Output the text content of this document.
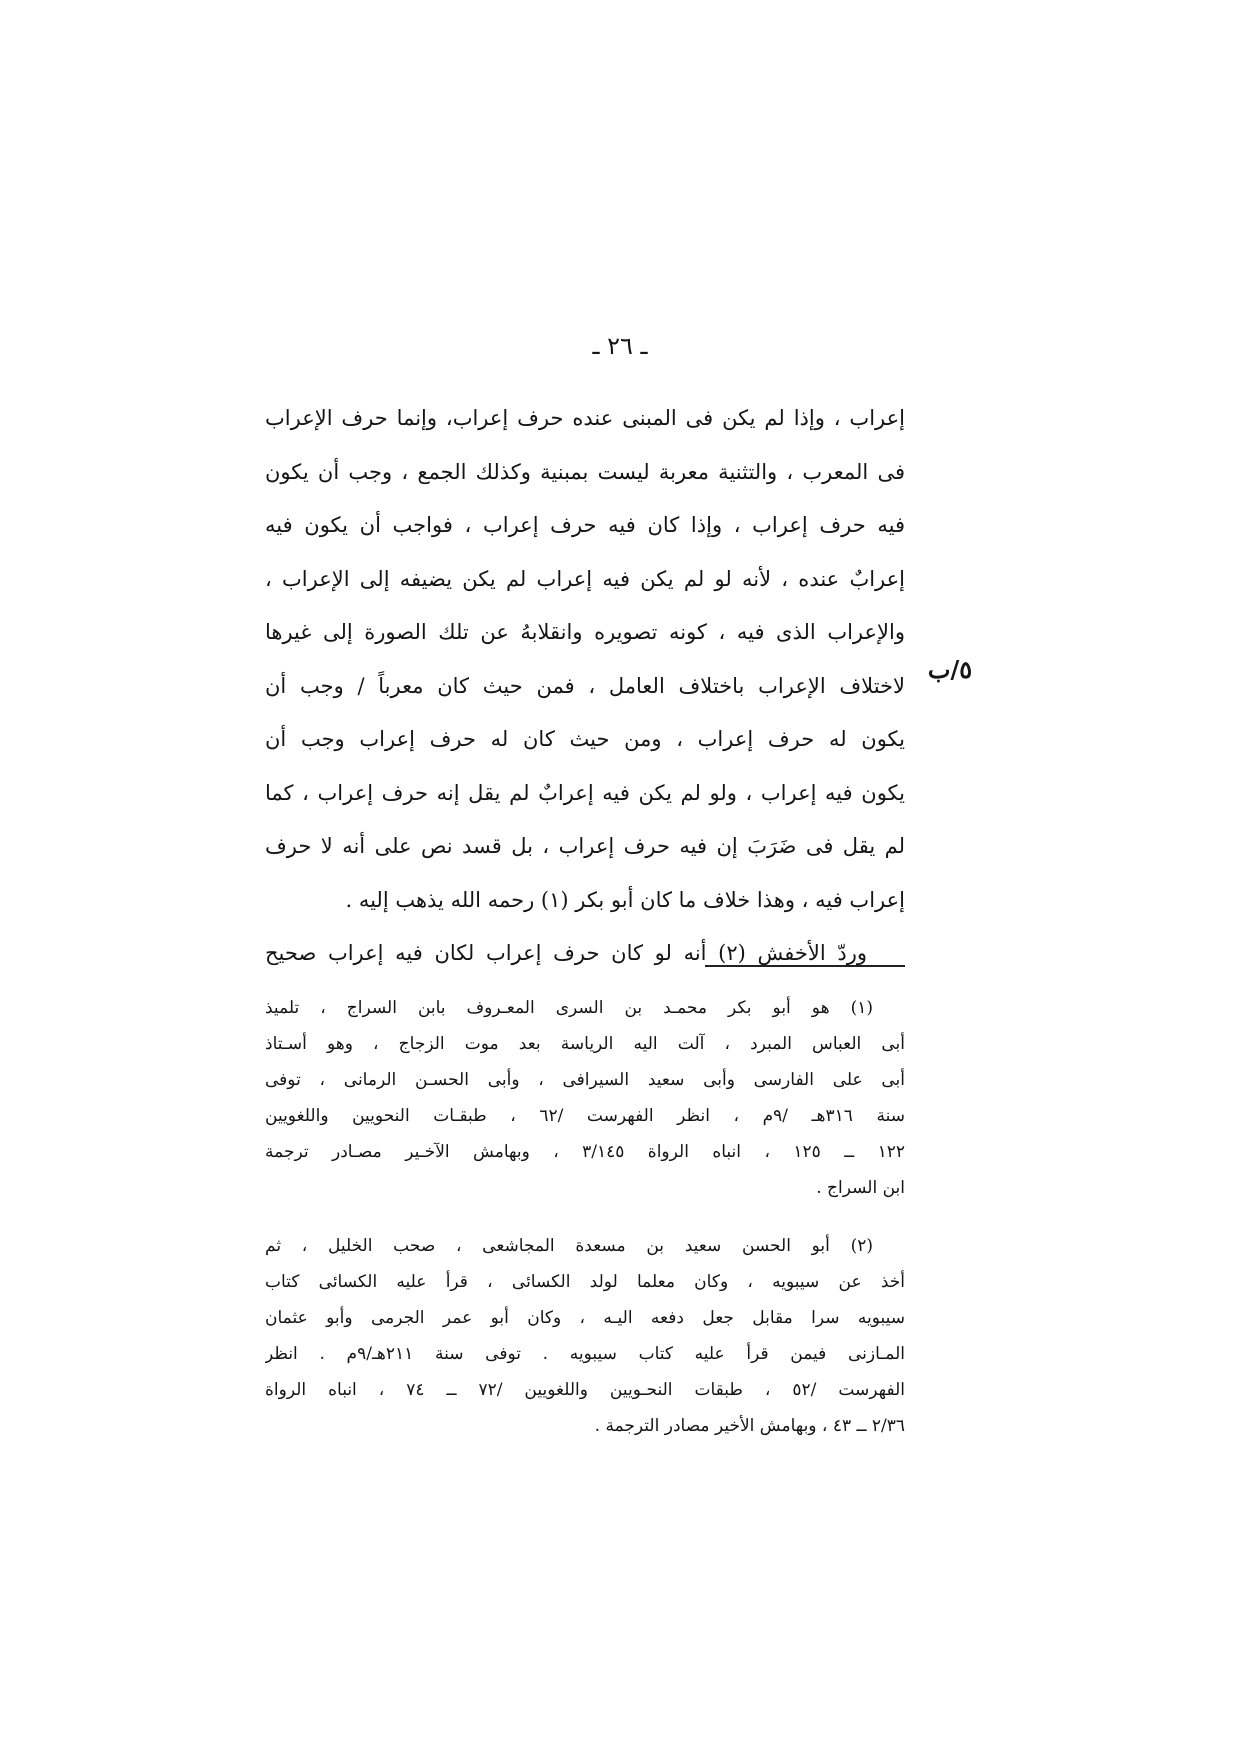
ـ ٢٦ ـ
٥/ب
إعراب ، وإذا لم يكن فى المبنى عنده حرف إعراب، وإنما حرف الإعراب
فى المعرب ، والتثنية معربة ليست بمبنية وكذلك الجمع ، وجب أن يكون
فيه حرف إعراب ، وإذا كان فيه حرف إعراب ، فواجب أن يكون فيه
إعرابٌ عنده ، لأنه لو لم يكن فيه إعراب لم يكن يضيفه إلى الإعراب ،
والإعراب الذى فيه ، كونه تصويره وانقلابهُ عن تلك الصورة إلى غيرها
لاختلاف الإعراب باختلاف العامل ، فمن حيث كان معرباً / وجب أن
يكون له حرف إعراب ، ومن حيث كان له حرف إعراب وجب أن
يكون فيه إعراب ، ولو لم يكن فيه إعرابٌ لم يقل إنه حرف إعراب ، كما
لم يقل فى ضَرَبَ إن فيه حرف إعراب ، بل قسد نص على أنه لا حرف
إعراب فيه ، وهذا خلاف ما كان أبو بكر (١) رحمه الله يذهب إليه .
وردّ الأخفش (٢) أنه لو كان حرف إعراب لكان فيه إعراب صحيح
(١) هو أبو بكر محمـد بن السرى المعـروف بابن السراج ، تلميذ
أبى العباس المبرد ، آلت اليه الرياسة بعد موت الزجاج ، وهو أسـتاذ
أبى على الفارسى وأبى سعيد السيرافى ، وأبى الحسـن الرمانى ، توفى
سنة ٣١٦هـ /٩م ، انظر الفهرست /٦٢ ، طبقـات النحويين واللغويين
١٢٢ ــ ١٢٥ ، انباه الرواة ٣/١٤٥ ، وبهامش الآخـير مصـادر ترجمة
ابن السراج .
(٢) أبو الحسن سعيد بن مسعدة المجاشعى ، صحب الخليل ، ثم
أخذ عن سيبويه ، وكان معلما لولد الكسائى ، قرأ عليه الكسائى كتاب
سيبويه سرا مقابل جعل دفعه اليـه ، وكان أبو عمر الجرمى وأبو عثمان
المـازنى فيمن قرأ عليه كتاب سيبويه . توفى سنة ٢١١هـ/٩م . انظر
الفهرست /٥٢ ، طبقات النحـويين واللغويين /٧٢ ــ ٧٤ ، انباه الرواة
٢/٣٦ ــ ٤٣ ، وبهامش الأخير مصادر الترجمة .
